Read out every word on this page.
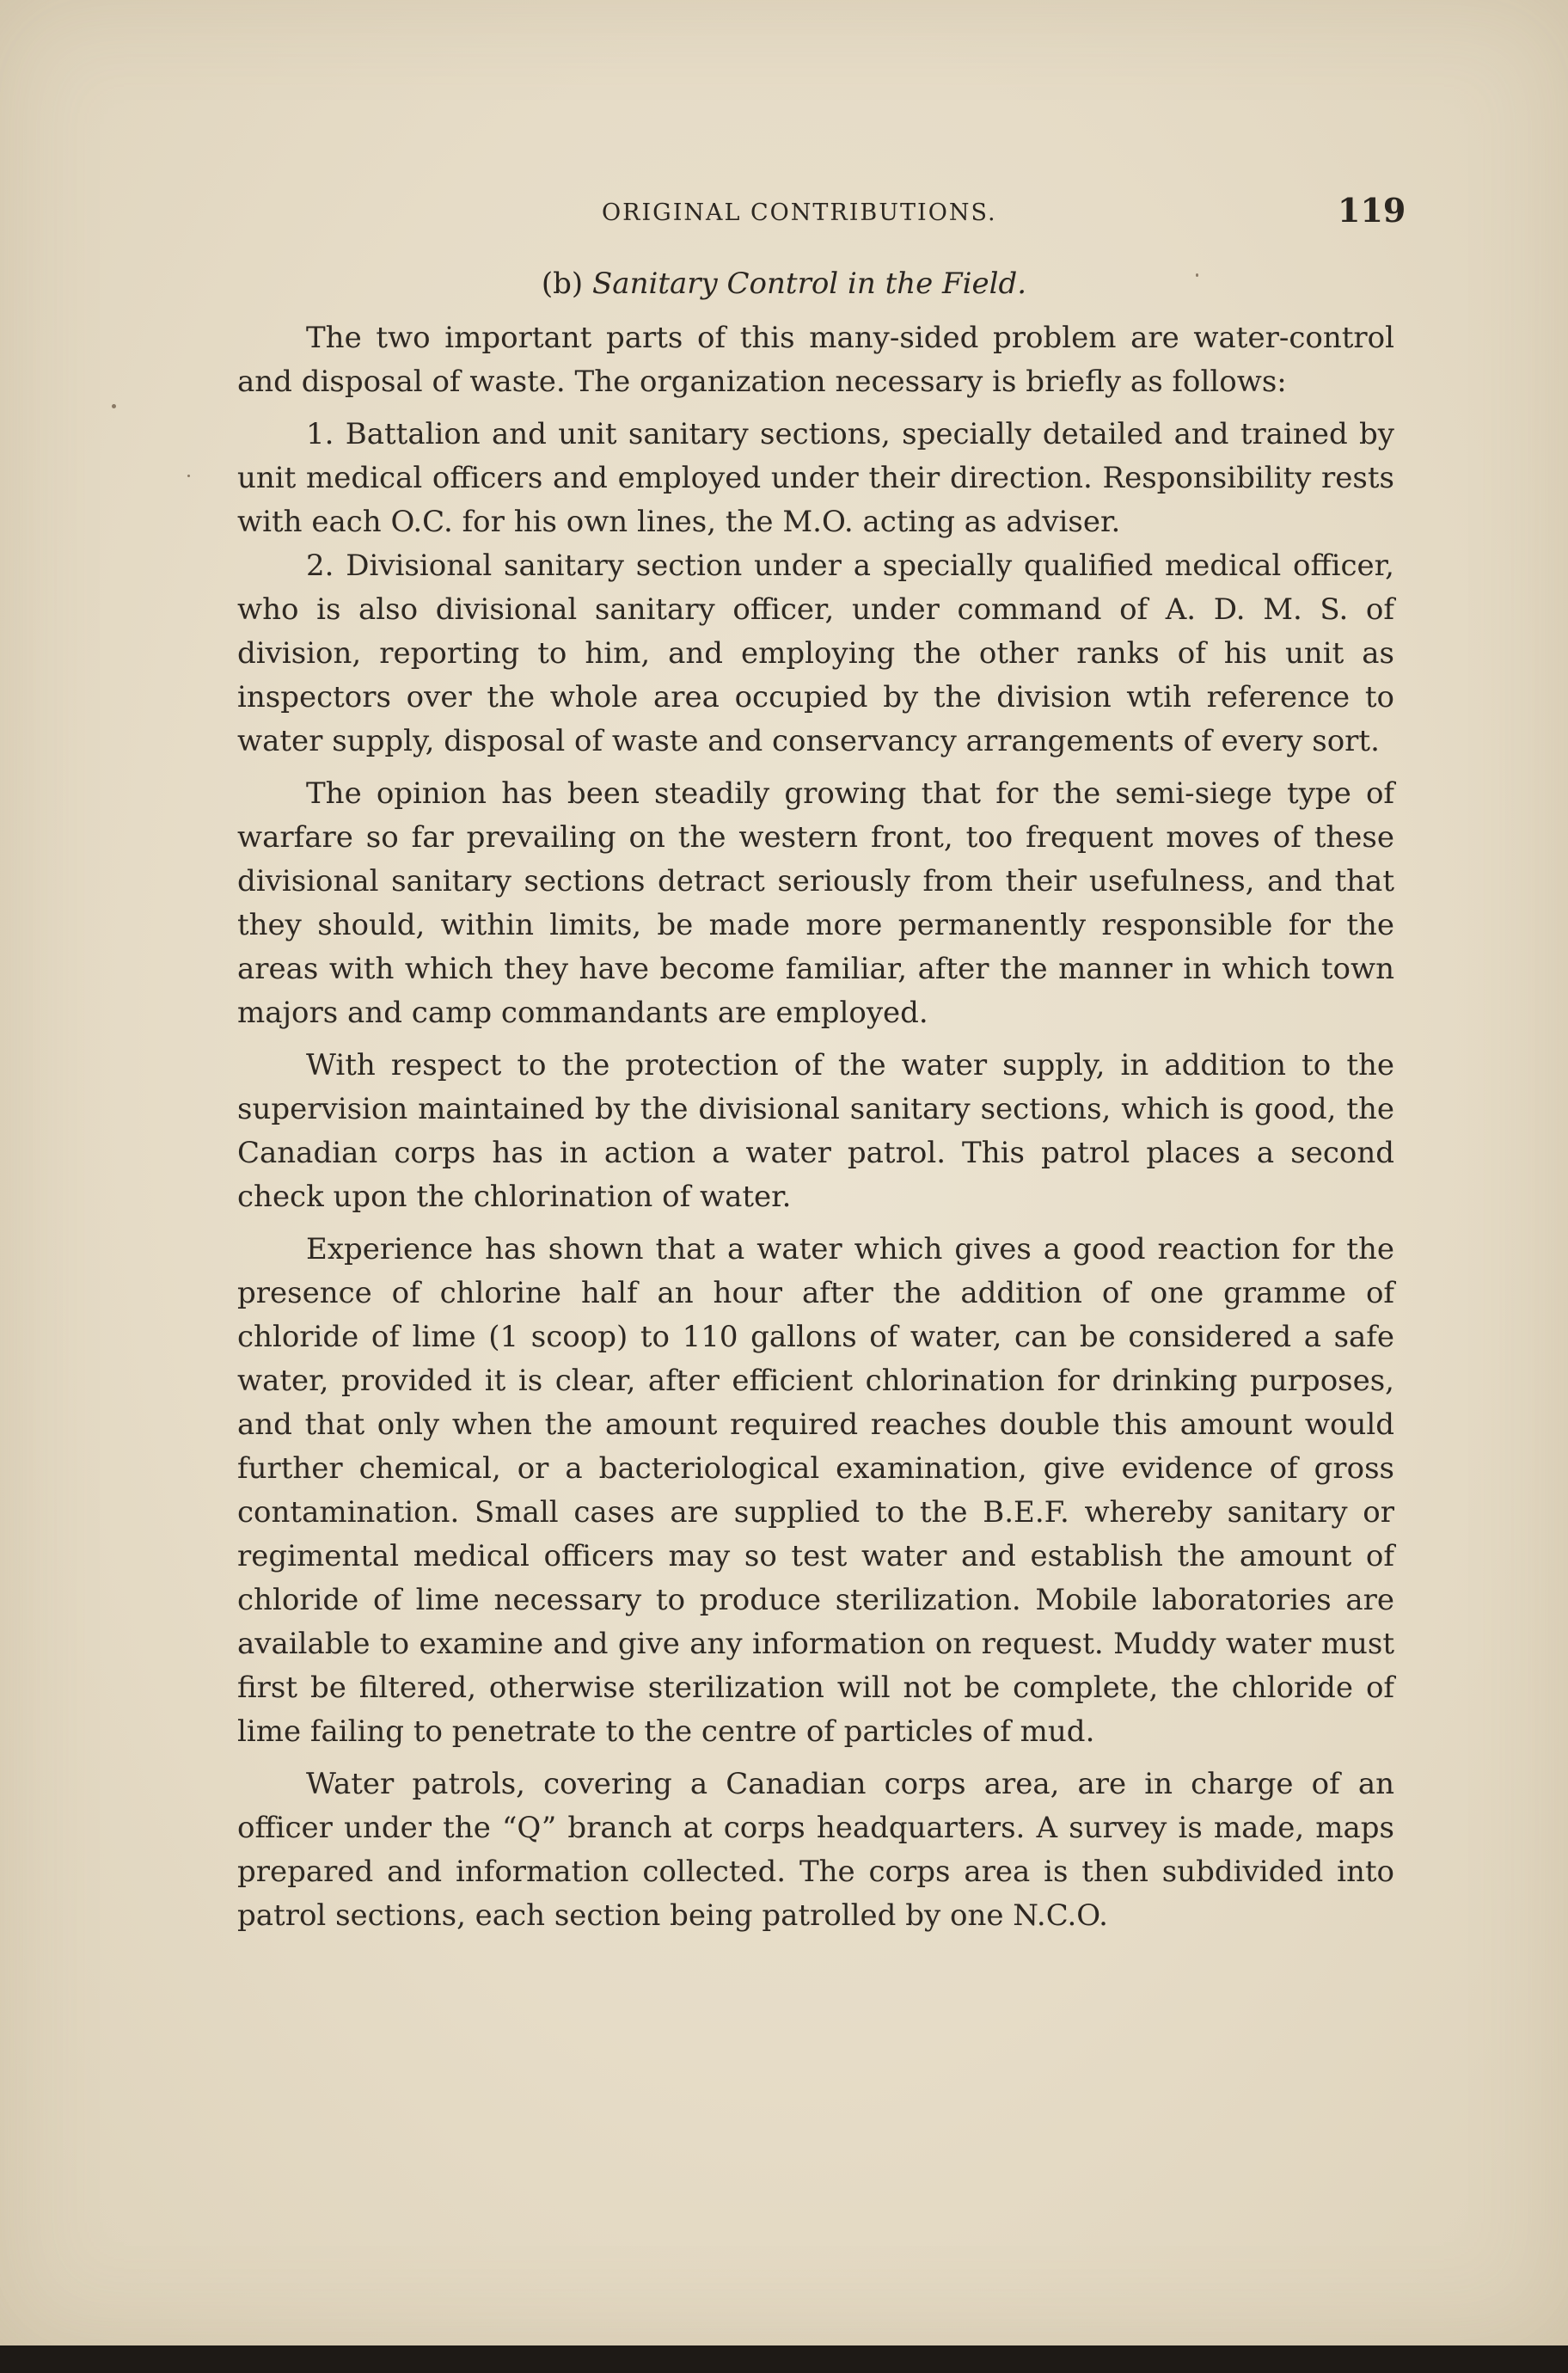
ORIGINAL CONTRIBUTIONS.	119
(b) Sanitary Control in the Field.

The two important parts of this many-sided problem are water-control and disposal of waste. The organization necessary is briefly as follows:

1. Battalion and unit sanitary sections, specially detailed and trained by unit medical officers and employed under their direction. Responsibility rests with each O.C. for his own lines, the M.O. acting as adviser.

2. Divisional sanitary section under a specially qualified medical officer, who is also divisional sanitary officer, under command of A. D. M. S. of division, reporting to him, and employing the other ranks of his unit as inspectors over the whole area occupied by the division wtih reference to water supply, disposal of waste and conservancy arrangements of every sort.

The opinion has been steadily growing that for the semi-siege type of warfare so far prevailing on the western front, too frequent moves of these divisional sanitary sections detract seriously from their usefulness, and that they should, within limits, be made more permanently responsible for the areas with which they have become familiar, after the manner in which town majors and camp commandants are employed.

With respect to the protection of the water supply, in addition to the supervision maintained by the divisional sanitary sections, which is good, the Canadian corps has in action a water patrol. This patrol places a second check upon the chlorination of water.

Experience has shown that a water which gives a good reaction for the presence of chlorine half an hour after the addition of one gramme of chloride of lime (1 scoop) to 110 gallons of water, can be considered a safe water, provided it is clear, after efficient chlorination for drinking purposes, and that only when the amount required reaches double this amount would further chemical, or a bacteriological examination, give evidence of gross contamination. Small cases are supplied to the B.E.F. whereby sanitary or regimental medical officers may so test water and establish the amount of chloride of lime necessary to produce sterilization. Mobile laboratories are available to examine and give any information on request. Muddy water must first be filtered, otherwise sterilization will not be complete, the chloride of lime failing to penetrate to the centre of particles of mud.

Water patrols, covering a Canadian corps area, are in charge of an officer under the “Q” branch at corps headquarters. A survey is made, maps prepared and information collected. The corps area is then subdivided into patrol sections, each section being patrolled by one N.C.O.
